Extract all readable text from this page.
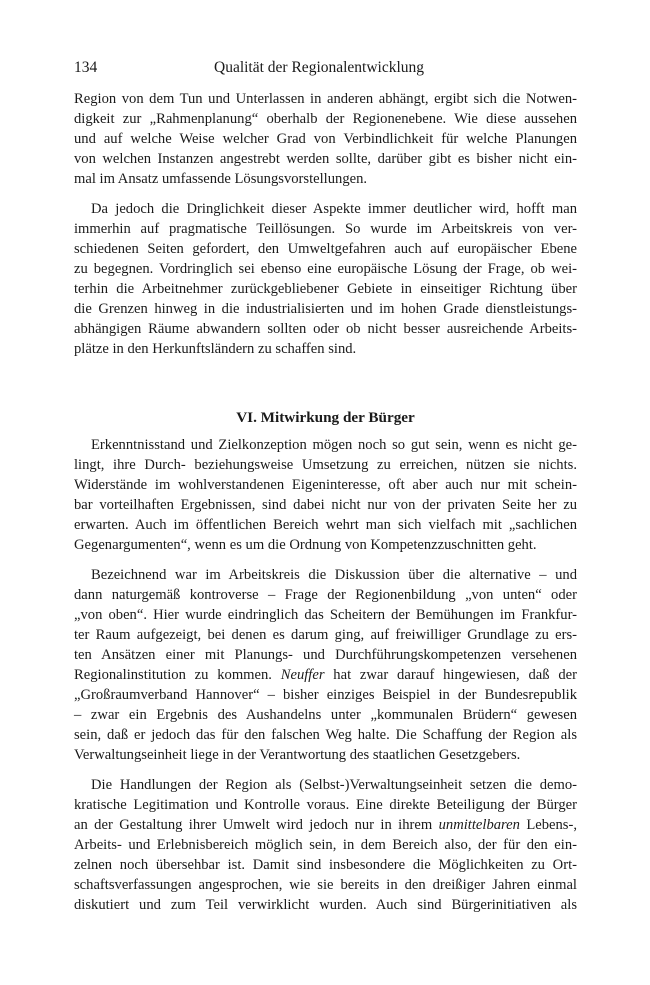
134	Qualität der Regionalentwicklung
Region von dem Tun und Unterlassen in anderen abhängt, ergibt sich die Notwen-
digkeit zur „Rahmenplanung“ oberhalb der Regionenebene. Wie diese aussehen
und auf welche Weise welcher Grad von Verbindlichkeit für welche Planungen
von welchen Instanzen angestrebt werden sollte, darüber gibt es bisher nicht ein-
mal im Ansatz umfassende Lösungsvorstellungen.
Da jedoch die Dringlichkeit dieser Aspekte immer deutlicher wird, hofft man
immerhin auf pragmatische Teillösungen. So wurde im Arbeitskreis von ver-
schiedenen Seiten gefordert, den Umweltgefahren auch auf europäischer Ebene
zu begegnen. Vordringlich sei ebenso eine europäische Lösung der Frage, ob wei-
terhin die Arbeitnehmer zurückgebliebener Gebiete in einseitiger Richtung über
die Grenzen hinweg in die industrialisierten und im hohen Grade dienstleistungs-
abhängigen Räume abwandern sollten oder ob nicht besser ausreichende Arbeits-
plätze in den Herkunftsländern zu schaffen sind.
VI. Mitwirkung der Bürger
Erkenntnisstand und Zielkonzeption mögen noch so gut sein, wenn es nicht ge-
lingt, ihre Durch- beziehungsweise Umsetzung zu erreichen, nützen sie nichts.
Widerstände im wohlverstandenen Eigeninteresse, oft aber auch nur mit schein-
bar vorteilhaften Ergebnissen, sind dabei nicht nur von der privaten Seite her zu
erwarten. Auch im öffentlichen Bereich wehrt man sich vielfach mit „sachlichen
Gegenargumenten“, wenn es um die Ordnung von Kompetenzzuschnitten geht.
Bezeichnend war im Arbeitskreis die Diskussion über die alternative – und
dann naturgemäß kontroverse – Frage der Regionenbildung „von unten“ oder
„von oben“. Hier wurde eindringlich das Scheitern der Bemühungen im Frankfur-
ter Raum aufgezeigt, bei denen es darum ging, auf freiwilliger Grundlage zu ers-
ten Ansätzen einer mit Planungs- und Durchführungskompetenzen versehenen
Regionalinstitution zu kommen. Neuffer hat zwar darauf hingewiesen, daß der
„Großraumverband Hannover“ – bisher einziges Beispiel in der Bundesrepublik
– zwar ein Ergebnis des Aushandelns unter „kommunalen Brüdern“ gewesen
sein, daß er jedoch das für den falschen Weg halte. Die Schaffung der Region als
Verwaltungseinheit liege in der Verantwortung des staatlichen Gesetzgebers.
Die Handlungen der Region als (Selbst-)Verwaltungseinheit setzen die demo-
kratische Legitimation und Kontrolle voraus. Eine direkte Beteiligung der Bürger
an der Gestaltung ihrer Umwelt wird jedoch nur in ihrem unmittelbaren Lebens-,
Arbeits- und Erlebnisbereich möglich sein, in dem Bereich also, der für den ein-
zelnen noch übersehbar ist. Damit sind insbesondere die Möglichkeiten zu Ort-
schaftsverfassungen angesprochen, wie sie bereits in den dreißiger Jahren einmal
diskutiert und zum Teil verwirklicht wurden. Auch sind Bürgerinitiativen als
